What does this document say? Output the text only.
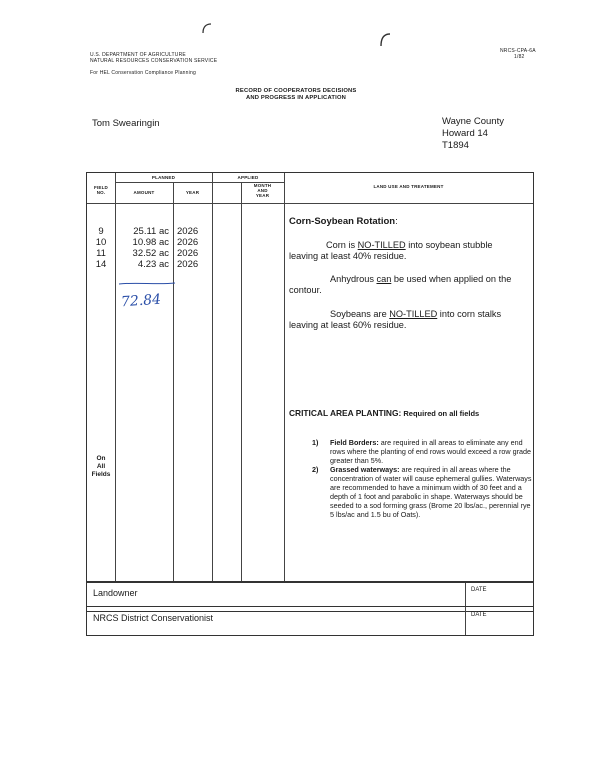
U.S. DEPARTMENT OF AGRICULTURE
NATURAL RESOURCES CONSERVATION SERVICE
For HEL Conservation Compliance Planning
NRCS-CPA-6A
1/82
RECORD OF COOPERATORS DECISIONS
AND PROGRESS IN APPLICATION
Tom Swearingin	Wayne County
Howard 14
T1894
PLANNED	APPLIED
FIELD
NO.	AMOUNT	YEAR
MONTH
AND
YEAR
LAND USE AND TREATEMENT
9	25.11 ac 2026
10	10.98 ac 2026
11	32.52 ac 2026
14	4.23 ac 2026
72.84
On
All
Fields
Corn-Soybean Rotation:
Corn is NO-TILLED into soybean stubble
leaving at least 40% residue.
Anhydrous can be used when applied on the
contour.
Soybeans are NO-TILLED into corn stalks
leaving at least 60% residue.
CRITICAL AREA PLANTING: Required on all fields
1)	Field Borders: are required in all areas to eliminate any end rows where the planting of end rows would exceed a row grade greater than 5%.
2)	Grassed waterways: are required in all areas where the concentration of water will cause ephemeral gullies. Waterways are recommended to have a minimum width of 30 feet and a depth of 1 foot and parabolic in shape. Waterways should be seeded to a sod forming grass (Brome 20 lbs/ac., perennial rye 5 lbs/ac and 1.5 bu of Oats).
Landowner	DATE
NRCS District Conservationist	DATE
